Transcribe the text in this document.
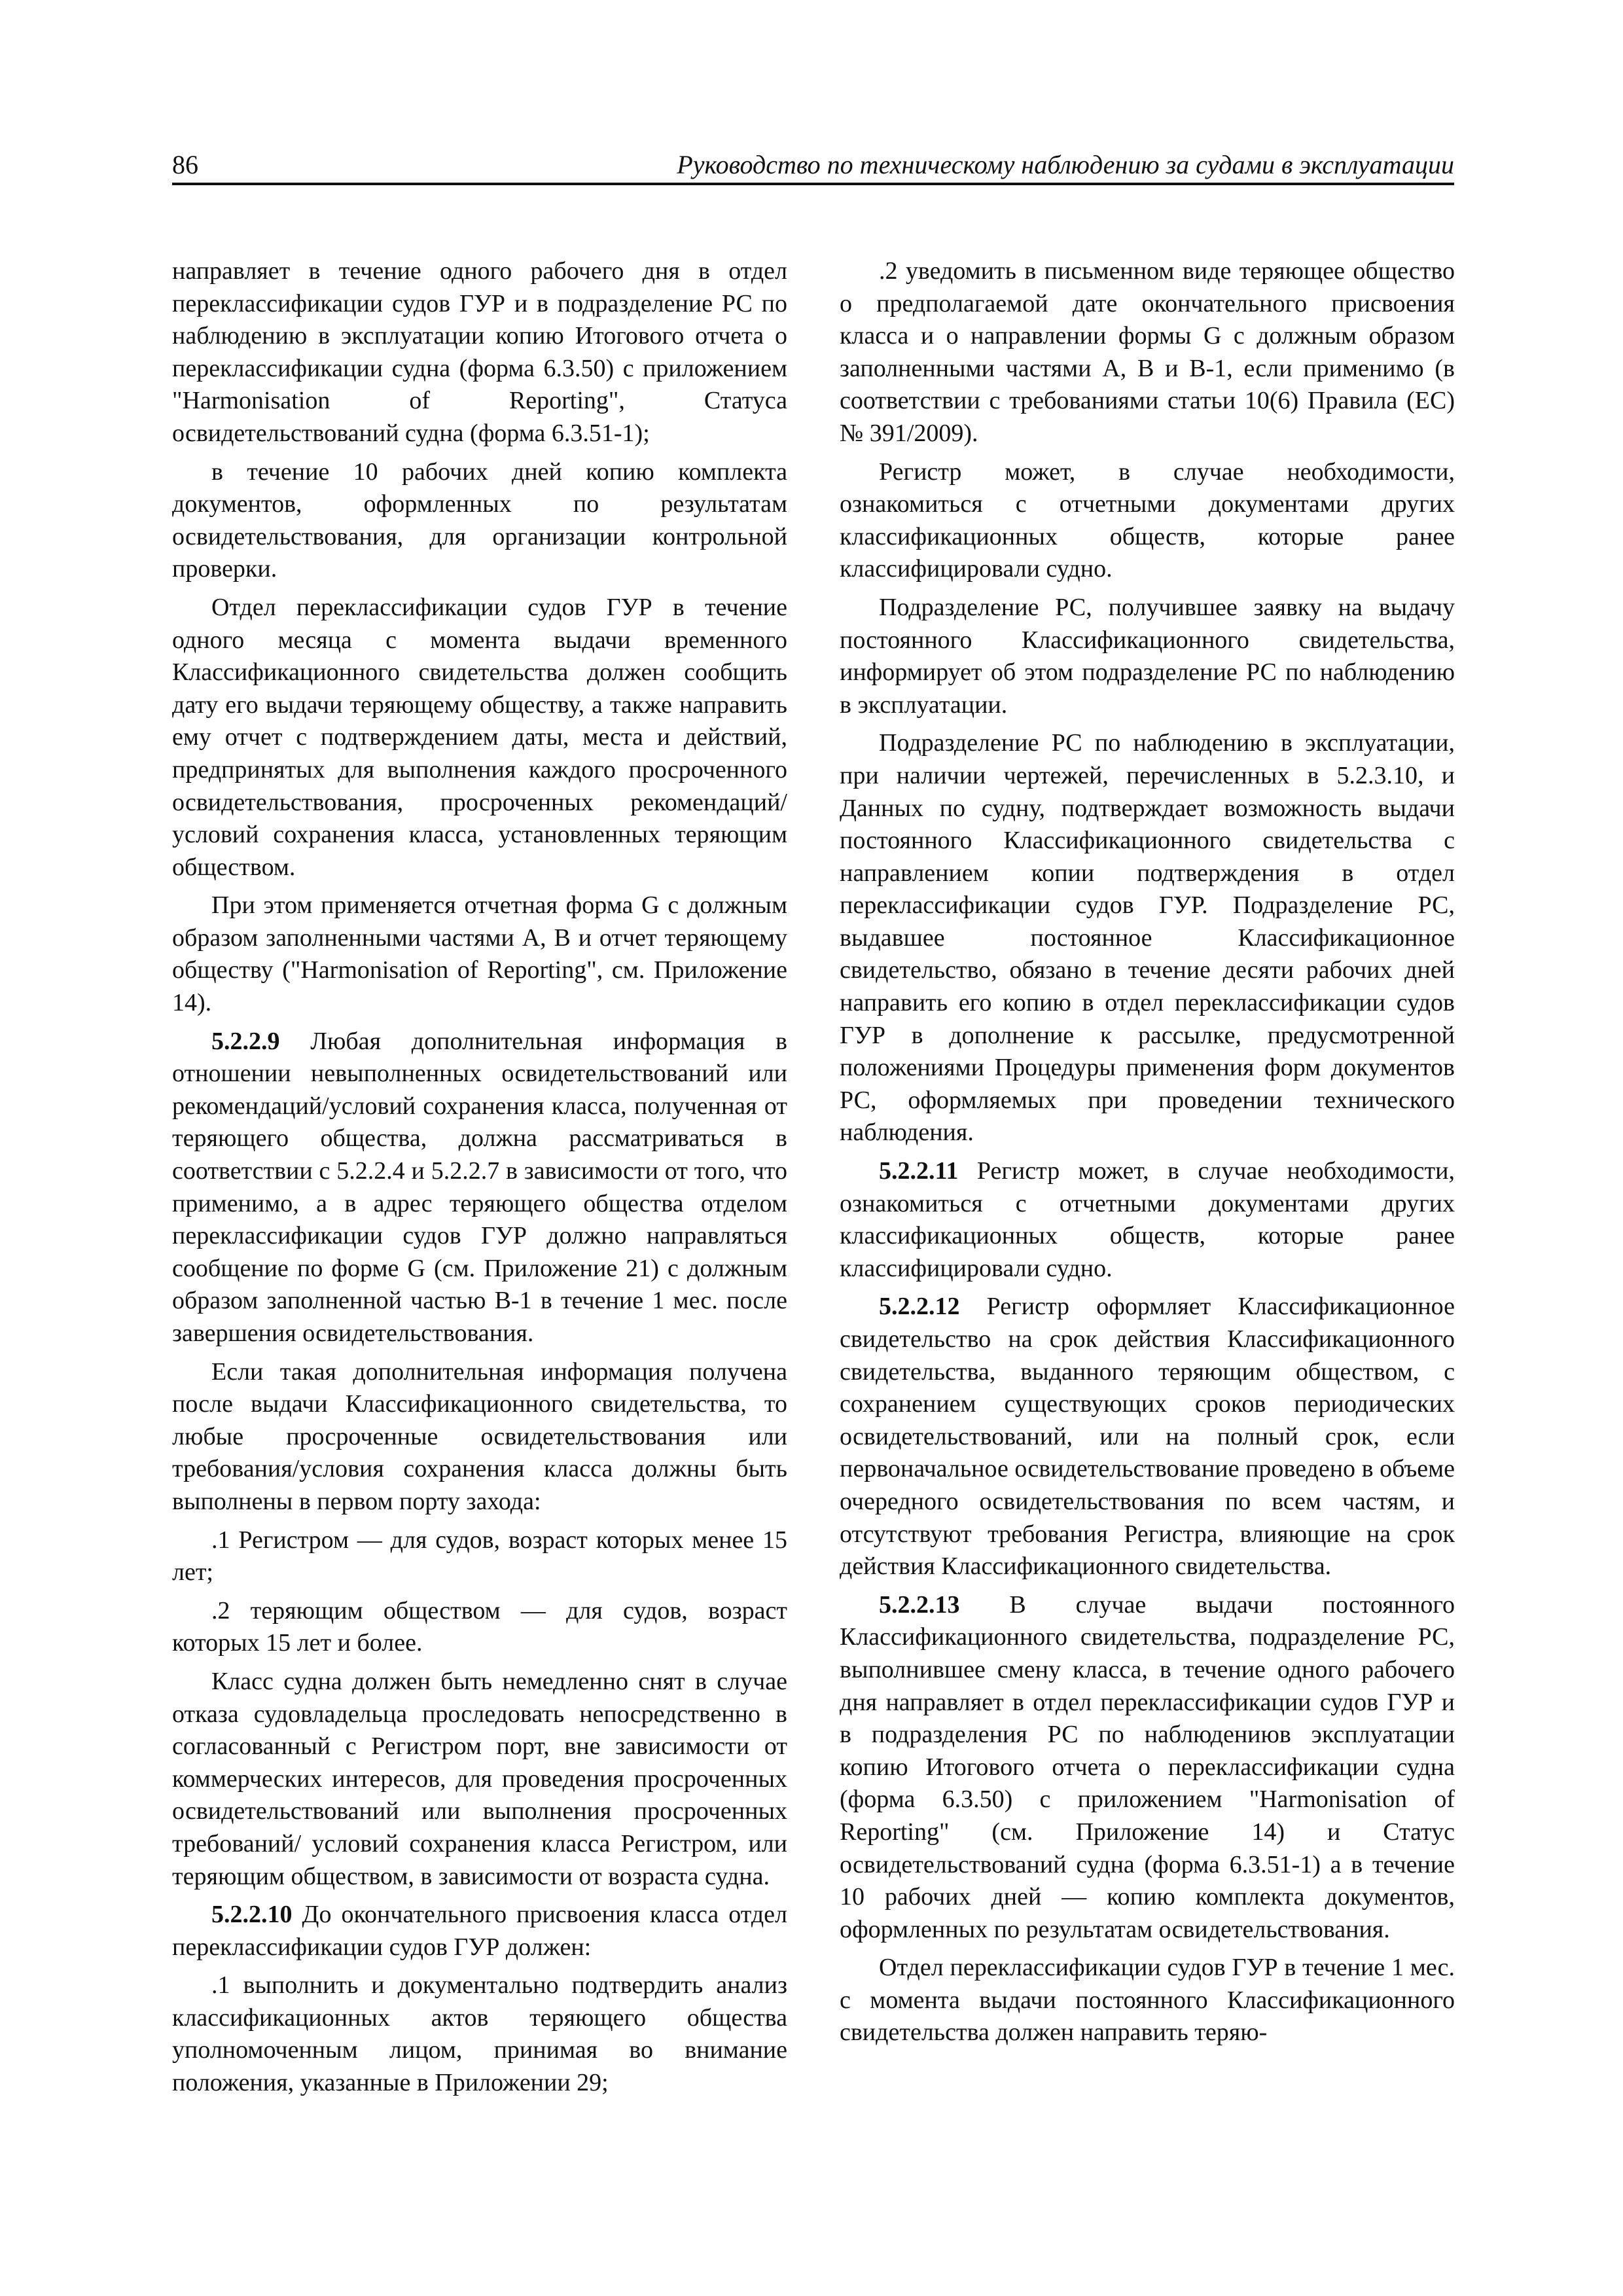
86	Руководство по техническому наблюдению за судами в эксплуатации

направляет в течение одного рабочего дня в отдел переклассификации судов ГУР и в подразделение РС по наблюдению в эксплуатации копию Итогового отчета о переклассификации судна (форма 6.3.50) с приложением "Harmonisation of Reporting", Статуса освидетельствований судна (форма 6.3.51-1);

в течение 10 рабочих дней копию комплекта документов, оформленных по результатам освидетельствования, для организации контрольной проверки.

Отдел переклассификации судов ГУР в течение одного месяца с момента выдачи временного Классификационного свидетельства должен сообщить дату его выдачи теряющему обществу, а также направить ему отчет с подтверждением даты, места и действий, предпринятых для выполнения каждого просроченного освидетельствования, просроченных рекомендаций/условий сохранения класса, установленных теряющим обществом.

При этом применяется отчетная форма G с должным образом заполненными частями A, B и отчет теряющему обществу ("Harmonisation of Reporting", см. Приложение 14).

5.2.2.9 Любая дополнительная информация в отношении невыполненных освидетельствований или рекомендаций/условий сохранения класса, полученная от теряющего общества, должна рассматриваться в соответствии с 5.2.2.4 и 5.2.2.7 в зависимости от того, что применимо, а в адрес теряющего общества отделом переклассификации судов ГУР должно направляться сообщение по форме G (см. Приложение 21) с должным образом заполненной частью B-1 в течение 1 мес. после завершения освидетельствования.

Если такая дополнительная информация получена после выдачи Классификационного свидетельства, то любые просроченные освидетельствования или требования/условия сохранения класса должны быть выполнены в первом порту захода:

.1 Регистром — для судов, возраст которых менее 15 лет;

.2 теряющим обществом — для судов, возраст которых 15 лет и более.

Класс судна должен быть немедленно снят в случае отказа судовладельца проследовать непосредственно в согласованный с Регистром порт, вне зависимости от коммерческих интересов, для проведения просроченных освидетельствований или выполнения просроченных требований/ условий сохранения класса Регистром, или теряющим обществом, в зависимости от возраста судна.

5.2.2.10 До окончательного присвоения класса отдел переклассификации судов ГУР должен:

.1 выполнить и документально подтвердить анализ классификационных актов теряющего общества уполномоченным лицом, принимая во внимание положения, указанные в Приложении 29;

.2 уведомить в письменном виде теряющее общество о предполагаемой дате окончательного присвоения класса и о направлении формы G с должным образом заполненными частями A, B и B-1, если применимо (в соответствии с требованиями статьи 10(6) Правила (ЕС) № 391/2009).

Регистр может, в случае необходимости, ознакомиться с отчетными документами других классификационных обществ, которые ранее классифицировали судно.

Подразделение РС, получившее заявку на выдачу постоянного Классификационного свидетельства, информирует об этом подразделение РС по наблюдению в эксплуатации.

Подразделение РС по наблюдению в эксплуатации, при наличии чертежей, перечисленных в 5.2.3.10, и Данных по судну, подтверждает возможность выдачи постоянного Классификационного свидетельства с направлением копии подтверждения в отдел переклассификации судов ГУР. Подразделение РС, выдавшее постоянное Классификационное свидетельство, обязано в течение десяти рабочих дней направить его копию в отдел переклассификации судов ГУР в дополнение к рассылке, предусмотренной положениями Процедуры применения форм документов РС, оформляемых при проведении технического наблюдения.

5.2.2.11 Регистр может, в случае необходимости, ознакомиться с отчетными документами других классификационных обществ, которые ранее классифицировали судно.

5.2.2.12 Регистр оформляет Классификационное свидетельство на срок действия Классификационного свидетельства, выданного теряющим обществом, с сохранением существующих сроков периодических освидетельствований, или на полный срок, если первоначальное освидетельствование проведено в объеме очередного освидетельствования по всем частям, и отсутствуют требования Регистра, влияющие на срок действия Классификационного свидетельства.

5.2.2.13 В случае выдачи постоянного Классификационного свидетельства, подразделение РС, выполнившее смену класса, в течение одного рабочего дня направляет в отдел переклассификации судов ГУР и в подразделения РС по наблюдениюв эксплуатации копию Итогового отчета о переклассификации судна (форма 6.3.50) с приложением "Harmonisation of Reporting" (см. Приложение 14) и Статус освидетельствований судна (форма 6.3.51-1) а в течение 10 рабочих дней — копию комплекта документов, оформленных по результатам освидетельствования.

Отдел переклассификации судов ГУР в течение 1 мес. с момента выдачи постоянного Классификационного свидетельства должен направить теряю-
